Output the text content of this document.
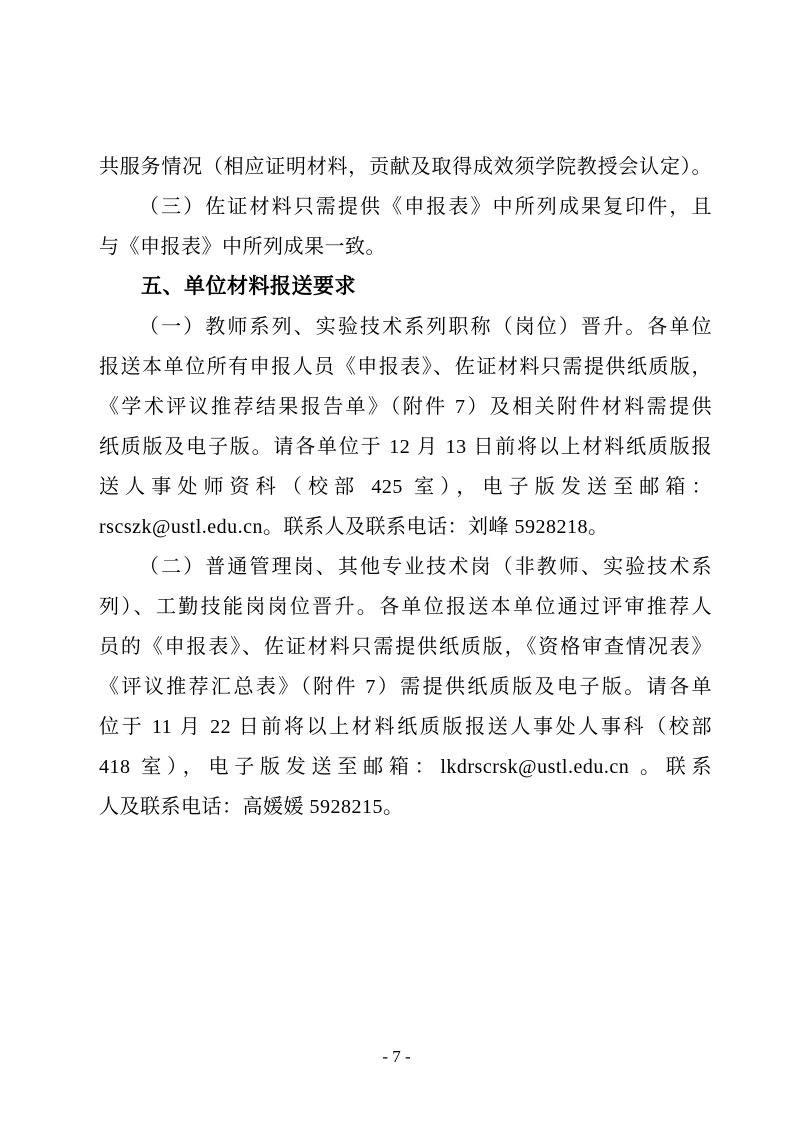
共服务情况（相应证明材料，贡献及取得成效须学院教授会认定）。
（三）佐证材料只需提供《申报表》中所列成果复印件，且
与《申报表》中所列成果一致。
五、单位材料报送要求
（一）教师系列、实验技术系列职称（岗位）晋升。各单位
报送本单位所有申报人员《申报表》、佐证材料只需提供纸质版，
《学术评议推荐结果报告单》（附件 7）及相关附件材料需提供
纸质版及电子版。请各单位于 12 月 13 日前将以上材料纸质版报
送人事处师资科（校部 425 室），电子版发送至邮箱：
rscszk@ustl.edu.cn。联系人及联系电话：刘峰 5928218。
（二）普通管理岗、其他专业技术岗（非教师、实验技术系
列）、工勤技能岗岗位晋升。各单位报送本单位通过评审推荐人
员的《申报表》、佐证材料只需提供纸质版，《资格审查情况表》
《评议推荐汇总表》（附件 7）需提供纸质版及电子版。请各单
位于 11 月 22 日前将以上材料纸质版报送人事处人事科（校部
418 室），电子版发送至邮箱：lkdrscrsk@ustl.edu.cn 。联系
人及联系电话：高媛媛 5928215。
- 7 -
